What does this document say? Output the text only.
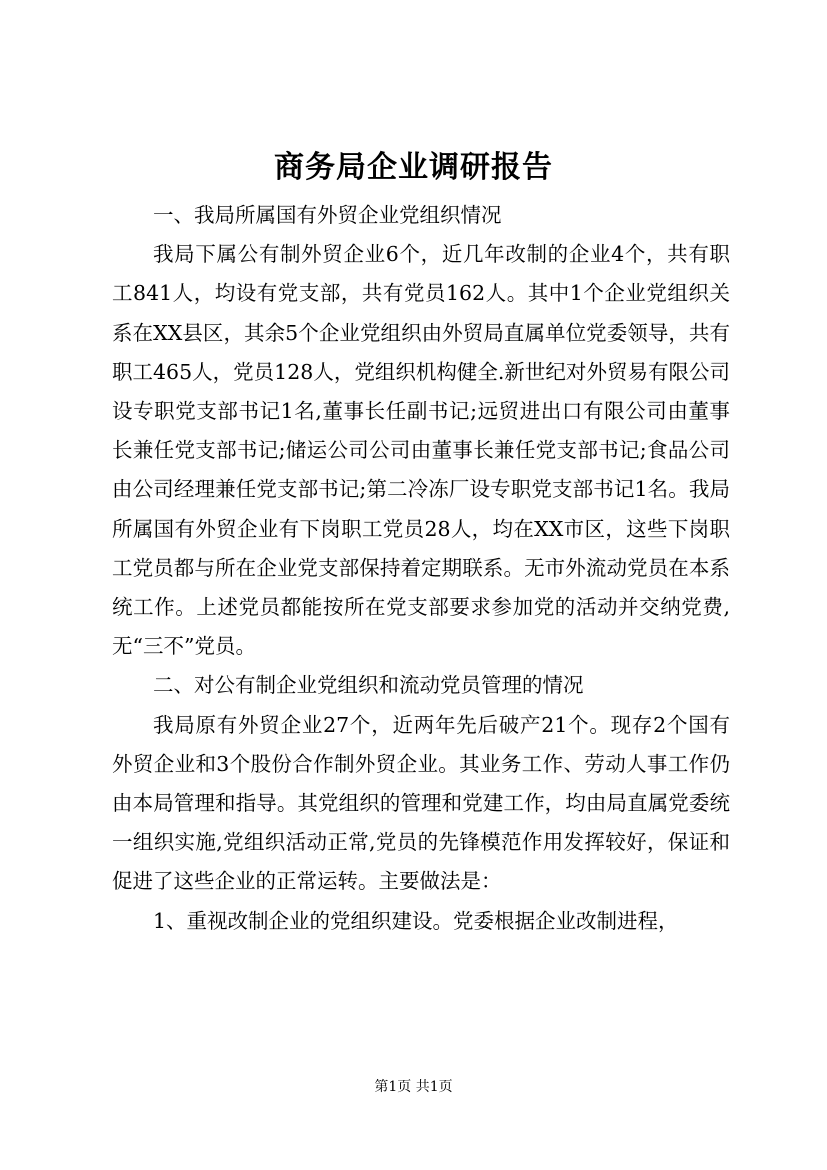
商务局企业调研报告

一、我局所属国有外贸企业党组织情况

我局下属公有制外贸企业6个，近几年改制的企业4个，共有职工841人，均设有党支部，共有党员162人。其中1个企业党组织关系在XX县区，其余5个企业党组织由外贸局直属单位党委领导，共有职工465人，党员128人，党组织机构健全.新世纪对外贸易有限公司设专职党支部书记1名,董事长任副书记;远贸进出口有限公司由董事长兼任党支部书记;储运公司公司由董事长兼任党支部书记;食品公司由公司经理兼任党支部书记;第二冷冻厂设专职党支部书记1名。我局所属国有外贸企业有下岗职工党员28人，均在XX市区，这些下岗职工党员都与所在企业党支部保持着定期联系。无市外流动党员在本系统工作。上述党员都能按所在党支部要求参加党的活动并交纳党费,无“三不”党员。

二、对公有制企业党组织和流动党员管理的情况

我局原有外贸企业27个，近两年先后破产21个。现存2个国有外贸企业和3个股份合作制外贸企业。其业务工作、劳动人事工作仍由本局管理和指导。其党组织的管理和党建工作，均由局直属党委统一组织实施,党组织活动正常,党员的先锋模范作用发挥较好，保证和促进了这些企业的正常运转。主要做法是：

1、重视改制企业的党组织建设。党委根据企业改制进程，

第1页 共1页
